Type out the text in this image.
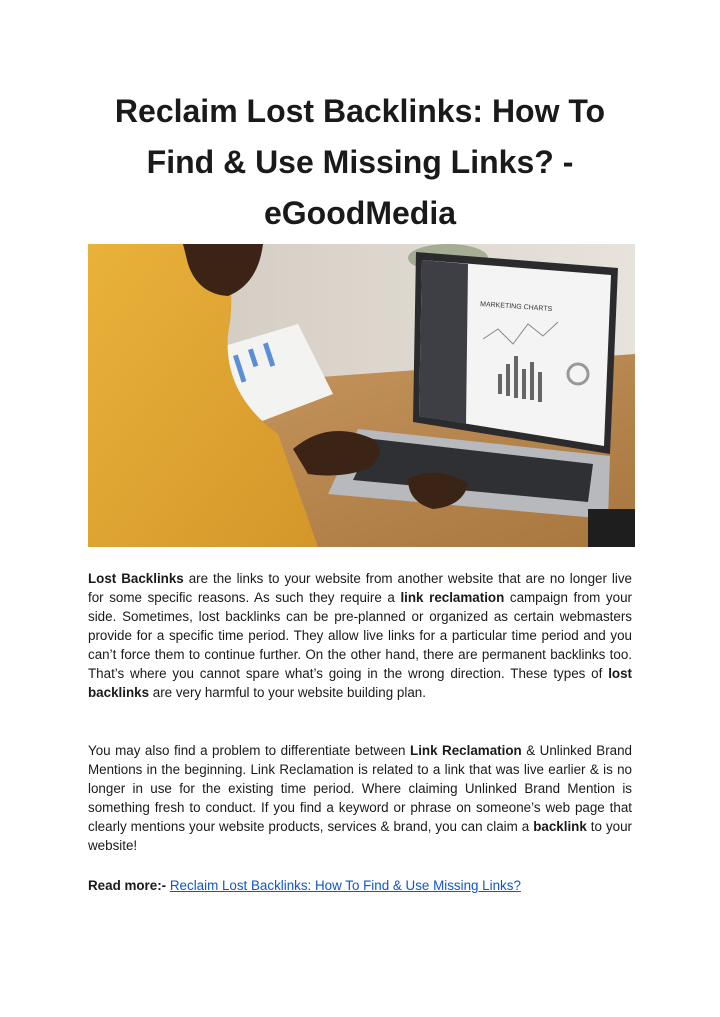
Reclaim Lost Backlinks: How To Find & Use Missing Links? - eGoodMedia
MARKETING CHARTS

Lost Backlinks are the links to your website from another website that are no longer live for some specific reasons. As such they require a link reclamation campaign from your side. Sometimes, lost backlinks can be pre-planned or organized as certain webmasters provide for a specific time period. They allow live links for a particular time period and you can’t force them to continue further. On the other hand, there are permanent backlinks too. That’s where you cannot spare what’s going in the wrong direction. These types of lost backlinks are very harmful to your website building plan.

You may also find a problem to differentiate between Link Reclamation & Unlinked Brand Mentions in the beginning. Link Reclamation is related to a link that was live earlier & is no longer in use for the existing time period. Where claiming Unlinked Brand Mention is something fresh to conduct. If you find a keyword or phrase on someone’s web page that clearly mentions your website products, services & brand, you can claim a backlink to your website!

Read more:- Reclaim Lost Backlinks: How To Find & Use Missing Links?
